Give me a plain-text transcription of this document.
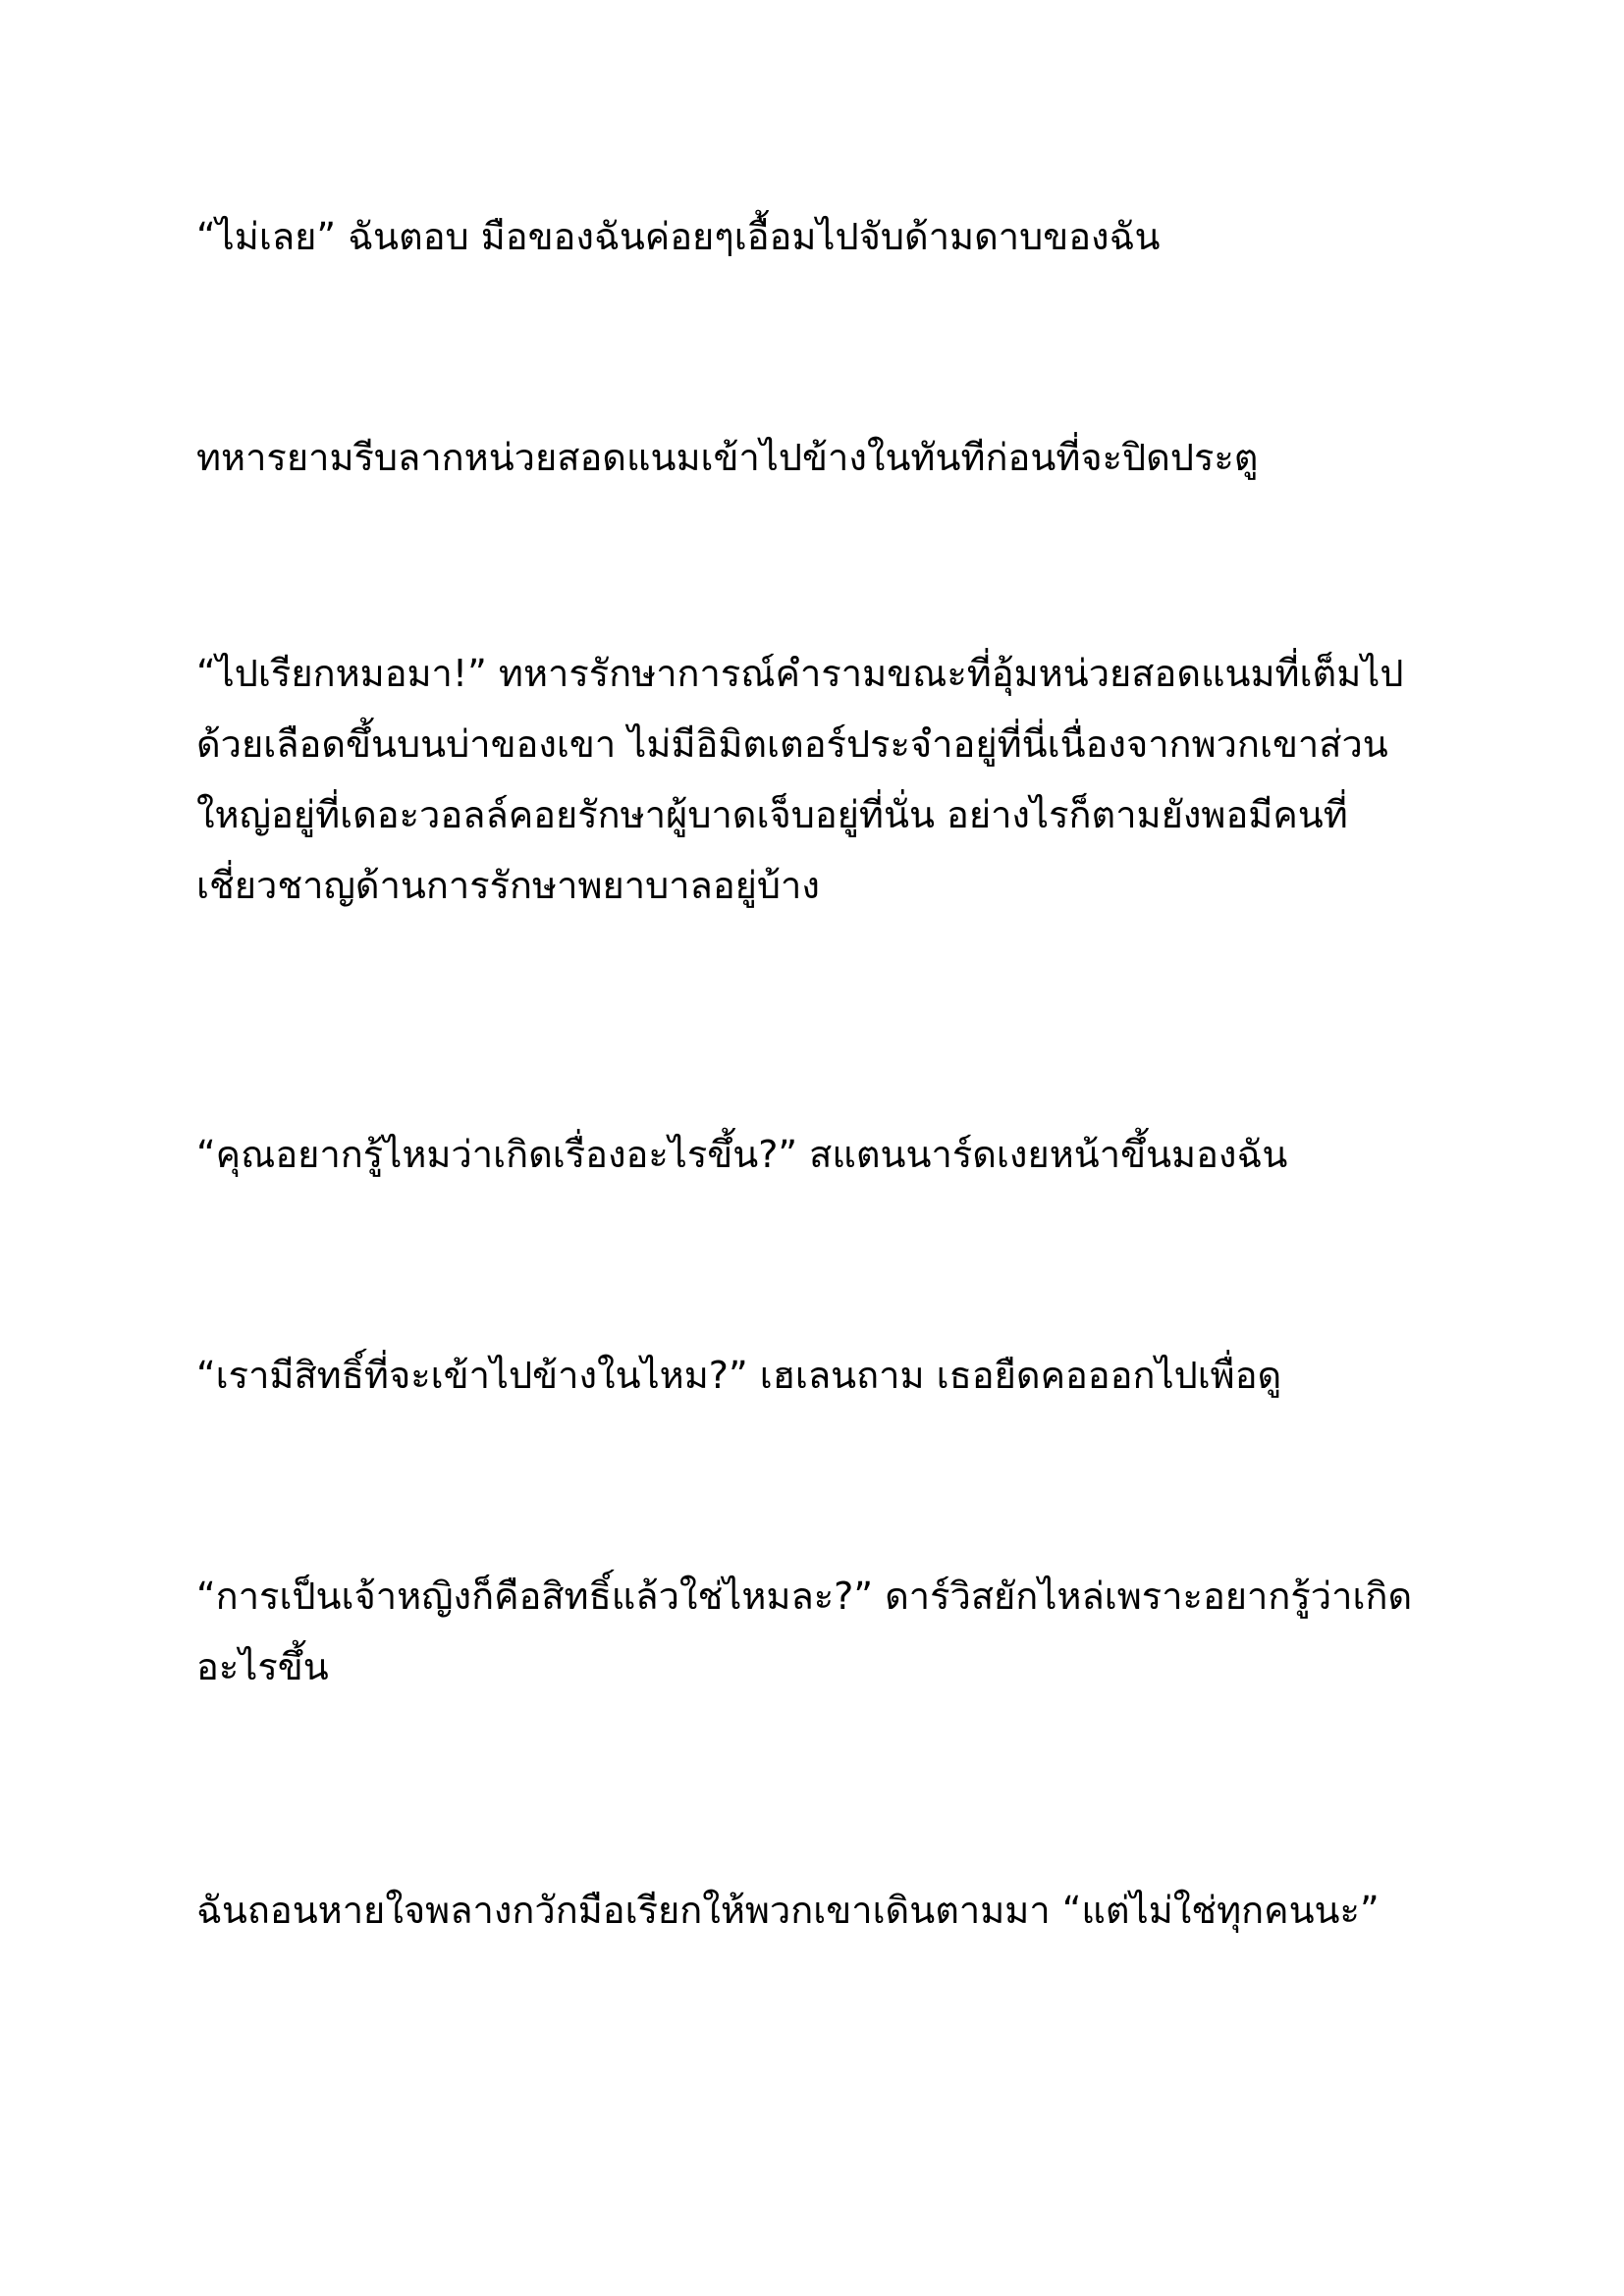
“ไม่เลย” ฉันตอบ มือของฉันค่อยๆเอื้อมไปจับด้ามดาบของฉัน

ทหารยามรีบลากหน่วยสอดแนมเข้าไปข้างในทันทีก่อนที่จะปิดประตู

“ไปเรียกหมอมา!” ทหารรักษาการณ์คำรามขณะที่อุ้มหน่วยสอดแนมที่เต็มไปด้วยเลือดขึ้นบนบ่าของเขา ไม่มีอิมิตเตอร์ประจำอยู่ที่นี่เนื่องจากพวกเขาส่วนใหญ่อยู่ที่เดอะวอลล์คอยรักษาผู้บาดเจ็บอยู่ที่นั่น อย่างไรก็ตามยังพอมีคนที่เชี่ยวชาญด้านการรักษาพยาบาลอยู่บ้าง

“คุณอยากรู้ไหมว่าเกิดเรื่องอะไรขึ้น?” สแตนนาร์ดเงยหน้าขึ้นมองฉัน

“เรามีสิทธิ์ที่จะเข้าไปข้างในไหม?” เฮเลนถาม เธอยืดคอออกไปเพื่อดู

“การเป็นเจ้าหญิงก็คือสิทธิ์แล้วใช่ไหมละ?” ดาร์วิสยักไหล่เพราะอยากรู้ว่าเกิดอะไรขึ้น

ฉันถอนหายใจพลางกวักมือเรียกให้พวกเขาเดินตามมา “แต่ไม่ใช่ทุกคนนะ”
